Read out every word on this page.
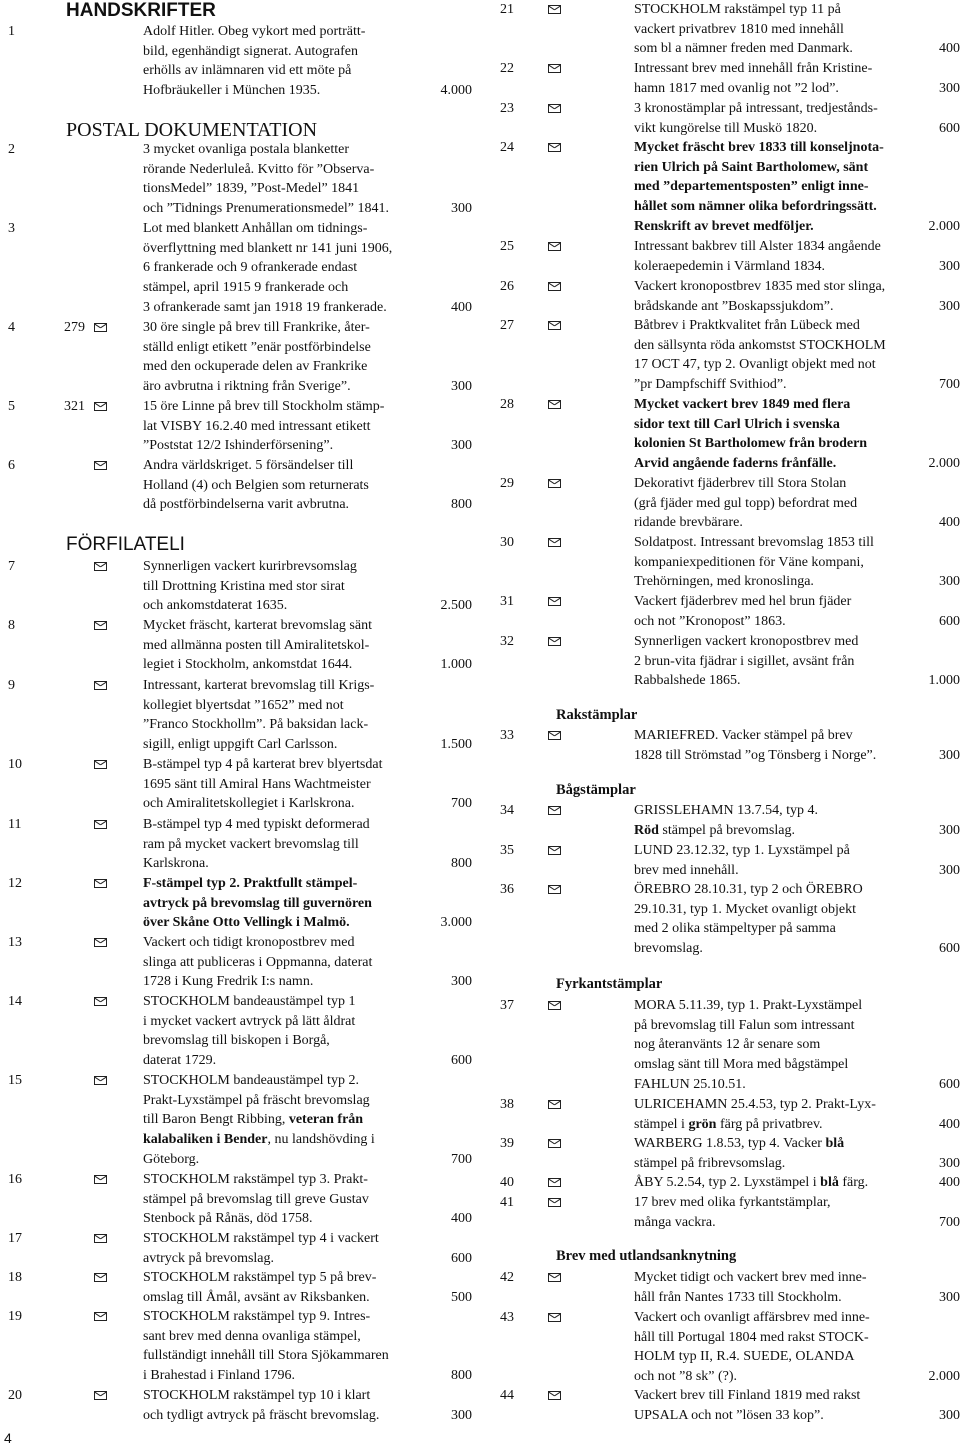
HANDSKRIFTER
POSTAL DOKUMENTATION
FÖRFILATELI
1	Adolf Hitler. Obeg vykort med porträtt-
bild, egenhändigt signerat. Autografen
erhölls av inlämnaren vid ett möte på
Hofbräukeller i München 1935.	4.000
2	3 mycket ovanliga postala blanketter
rörande Nederluleå. Kvitto för ”Observa-
tionsMedel” 1839, ”Post-Medel” 1841
och ”Tidnings Prenumerationsmedel” 1841.	300
3	Lot med blankett Anhållan om tidnings-
överflyttning med blankett nr 141 juni 1906,
6 frankerade och 9 ofrankerade endast
stämpel, april 1915 9 frankerade och
3 ofrankerade samt jan 1918 19 frankerade.	400
4	279	30 öre single på brev till Frankrike, åter-
ställd enligt etikett ”enär postförbindelse
med den ockuperade delen av Frankrike
äro avbrutna i riktning från Sverige”.	300
5	321	15 öre Linne på brev till Stockholm stämp-
lat VISBY 16.2.40 med intressant etikett
”Poststat 12/2 Ishinderförsening”.	300
6	Andra världskriget. 5 försändelser till
Holland (4) och Belgien som returnerats
då postförbindelserna varit avbrutna.	800
7	Synnerligen vackert kurirbrevsomslag
till Drottning Kristina med stor sirat
och ankomstdaterat 1635.	2.500
8	Mycket fräscht, karterat brevomslag sänt
med allmänna posten till Amiralitetskol-
legiet i Stockholm, ankomstdat 1644.	1.000
9	Intressant, karterat brevomslag till Krigs-
kollegiet blyertsdat ”1652” med not
”Franco Stockhollm”. På baksidan lack-
sigill, enligt uppgift Carl Carlsson.	1.500
10	B-stämpel typ 4 på karterat brev blyertsdat
1695 sänt till Amiral Hans Wachtmeister
och Amiralitetskollegiet i Karlskrona.	700
11	B-stämpel typ 4 med typiskt deformerad
ram på mycket vackert brevomslag till
Karlskrona.	800
12	F-stämpel typ 2. Praktfullt stämpel-
avtryck på brevomslag till guvernören
över Skåne Otto Vellingk i Malmö.	3.000
13	Vackert och tidigt kronopostbrev med
slinga att publiceras i Oppmanna, daterat
1728 i Kung Fredrik I:s namn.	300
14	STOCKHOLM bandeaustämpel typ 1
i mycket vackert avtryck på lätt åldrat
brevomslag till biskopen i Borgå,
daterat 1729.	600
15	STOCKHOLM bandeaustämpel typ 2.
Prakt-Lyxstämpel på fräscht brevomslag
till Baron Bengt Ribbing, veteran från
kalabaliken i Bender, nu landshövding i
Göteborg.	700
16	STOCKHOLM rakstämpel typ 3. Prakt-
stämpel på brevomslag till greve Gustav
Stenbock på Rånäs, död 1758.	400
17	STOCKHOLM rakstämpel typ 4 i vackert
avtryck på brevomslag.	600
18	STOCKHOLM rakstämpel typ 5 på brev-
omslag till Åmål, avsänt av Riksbanken.	500
19	STOCKHOLM rakstämpel typ 9. Intres-
sant brev med denna ovanliga stämpel,
fullständigt innehåll till Stora Sjökammaren
i Brahestad i Finland 1796.	800
20	STOCKHOLM rakstämpel typ 10 i klart
och tydligt avtryck på fräscht brevomslag.	300
Rakstämplar
Bågstämplar
Fyrkantstämplar
Brev med utlandsanknytning
21	STOCKHOLM rakstämpel typ 11 på
vackert privatbrev 1810 med innehåll
som bl a nämner freden med Danmark.	400
22	Intressant brev med innehåll från Kristine-
hamn 1817 med ovanlig not ”2 lod”.	300
23	3 kronostämplar på intressant, tredjestånds-
vikt kungörelse till Muskö 1820.	600
24	Mycket fräscht brev 1833 till konseljnota-
rien Ulrich på Saint Bartholomew, sänt
med ”departementsposten” enligt inne-
hållet som nämner olika befordringssätt.
Renskrift av brevet medföljer.	2.000
25	Intressant bakbrev till Alster 1834 angående
koleraepedemin i Värmland 1834.	300
26	Vackert kronopostbrev 1835 med stor slinga,
brådskande ant ”Boskapssjukdom”.	300
27	Båtbrev i Praktkvalitet från Lübeck med
den sällsynta röda ankomstst STOCKHOLM
17 OCT 47, typ 2. Ovanligt objekt med not
”pr Dampfschiff Svithiod”.	700
28	Mycket vackert brev 1849 med flera
sidor text till Carl Ulrich i svenska
kolonien St Bartholomew från brodern
Arvid angående faderns frånfälle.	2.000
29	Dekorativt fjäderbrev till Stora Stolan
(grå fjäder med gul topp) befordrat med
ridande brevbärare.	400
30	Soldatpost. Intressant brevomslag 1853 till
kompaniexpeditionen för Väne kompani,
Trehörningen, med kronoslinga.	300
31	Vackert fjäderbrev med hel brun fjäder
och not ”Kronopost” 1863.	600
32	Synnerligen vackert kronopostbrev med
2 brun-vita fjädrar i sigillet, avsänt från
Rabbalshede 1865.	1.000
33	MARIEFRED. Vacker stämpel på brev
1828 till Strömstad ”og Tönsberg i Norge”.	300
34	GRISSLEHAMN 13.7.54, typ 4.
Röd stämpel på brevomslag.	300
35	LUND 23.12.32, typ 1. Lyxstämpel på
brev med innehåll.	300
36	ÖREBRO 28.10.31, typ 2 och ÖREBRO
29.10.31, typ 1. Mycket ovanligt objekt
med 2 olika stämpeltyper på samma
brevomslag.	600
37	MORA 5.11.39, typ 1. Prakt-Lyxstämpel
på brevomslag till Falun som intressant
nog återanvänts 12 år senare som
omslag sänt till Mora med bågstämpel
FAHLUN 25.10.51.	600
38	ULRICEHAMN 25.4.53, typ 2. Prakt-Lyx-
stämpel i grön färg på privatbrev.	400
39	WARBERG 1.8.53, typ 4. Vacker blå
stämpel på fribrevsomslag.	300
40	ÅBY 5.2.54, typ 2. Lyxstämpel i blå färg.	400
41	17 brev med olika fyrkantstämplar,
många vackra.	700
42	Mycket tidigt och vackert brev med inne-
håll från Nantes 1733 till Stockholm.	300
43	Vackert och ovanligt affärsbrev med inne-
håll till Portugal 1804 med rakst STOCK-
HOLM typ II, R.4. SUEDE, OLANDA
och not ”8 sk” (?).	2.000
44	Vackert brev till Finland 1819 med rakst
UPSALA och not ”lösen 33 kop”.	300
4
